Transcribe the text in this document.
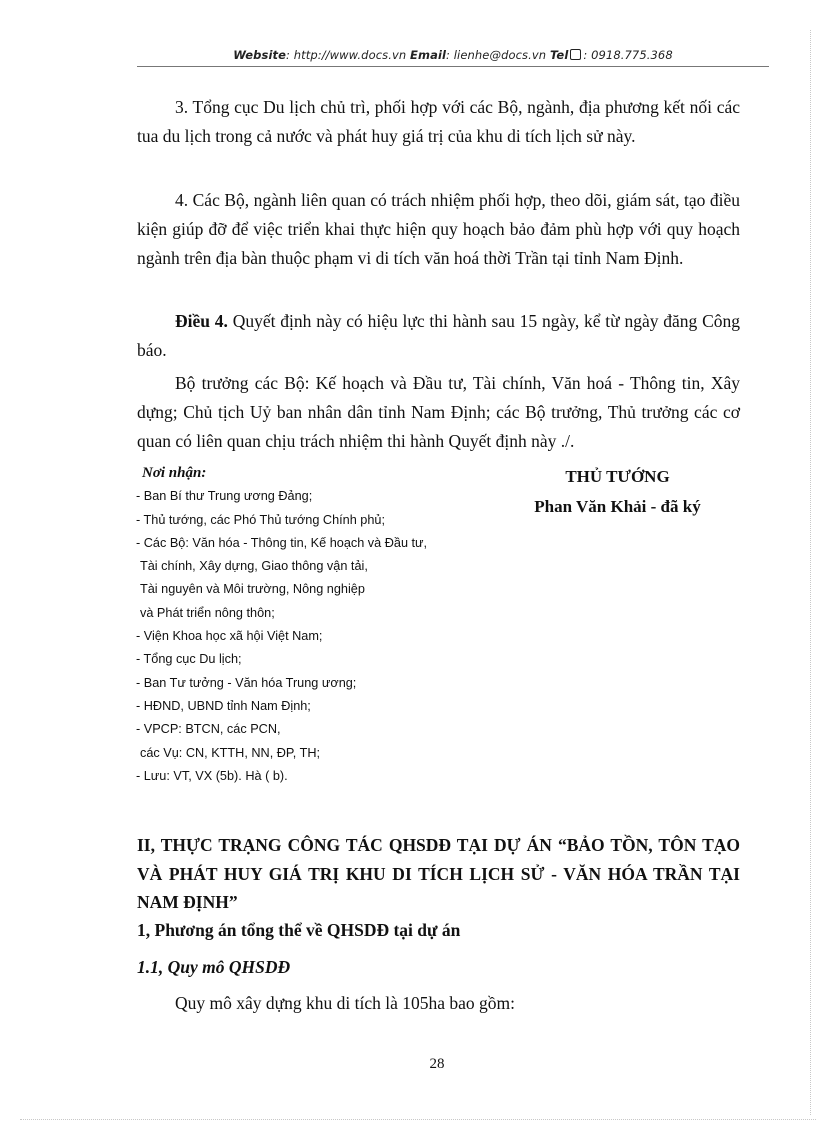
Website: http://www.docs.vn Email: lienhe@docs.vn Tel : 0918.775.368

3. Tổng cục Du lịch chủ trì, phối hợp với các Bộ, ngành, địa phương kết nối các tua du lịch trong cả nước và phát huy giá trị của khu di tích lịch sử này.

4. Các Bộ, ngành liên quan có trách nhiệm phối hợp, theo dõi, giám sát, tạo điều kiện giúp đỡ để việc triển khai thực hiện quy hoạch bảo đảm phù hợp với quy hoạch ngành trên địa bàn thuộc phạm vi di tích văn hoá thời Trần tại tỉnh Nam Định.

Điều 4. Quyết định này có hiệu lực thi hành sau 15 ngày, kể từ ngày đăng Công báo.

Bộ trưởng các Bộ: Kế hoạch và Đầu tư, Tài chính, Văn hoá - Thông tin, Xây dựng; Chủ tịch Uỷ ban nhân dân tỉnh Nam Định; các Bộ trưởng, Thủ trưởng các cơ quan có liên quan chịu trách nhiệm thi hành Quyết định này ./.

Nơi nhận:
- Ban Bí thư Trung ương Đảng;
- Thủ tướng, các Phó Thủ tướng Chính phủ;
- Các Bộ: Văn hóa - Thông tin, Kế hoạch và Đầu tư,
Tài chính, Xây dựng, Giao thông vận tải,
Tài nguyên và Môi trường, Nông nghiệp
và Phát triển nông thôn;
- Viện Khoa học xã hội Việt Nam;
- Tổng cục Du lịch;
- Ban Tư tưởng - Văn hóa Trung ương;
- HĐND, UBND tỉnh Nam Định;
- VPCP: BTCN, các PCN,
các Vụ: CN, KTTH, NN, ĐP, TH;
- Lưu: VT, VX (5b). Hà ( b).
THỦ TƯỚNG
Phan Văn Khải - đã ký

II, THỰC TRẠNG CÔNG TÁC QHSDĐ TẠI DỰ ÁN “BẢO TỒN, TÔN TẠO VÀ PHÁT HUY GIÁ TRỊ KHU DI TÍCH LỊCH SỬ - VĂN HÓA TRẦN TẠI NAM ĐỊNH”

1, Phương án tổng thể về QHSDĐ tại dự án

1.1, Quy mô QHSDĐ

Quy mô xây dựng khu di tích là 105ha bao gồm:

28
